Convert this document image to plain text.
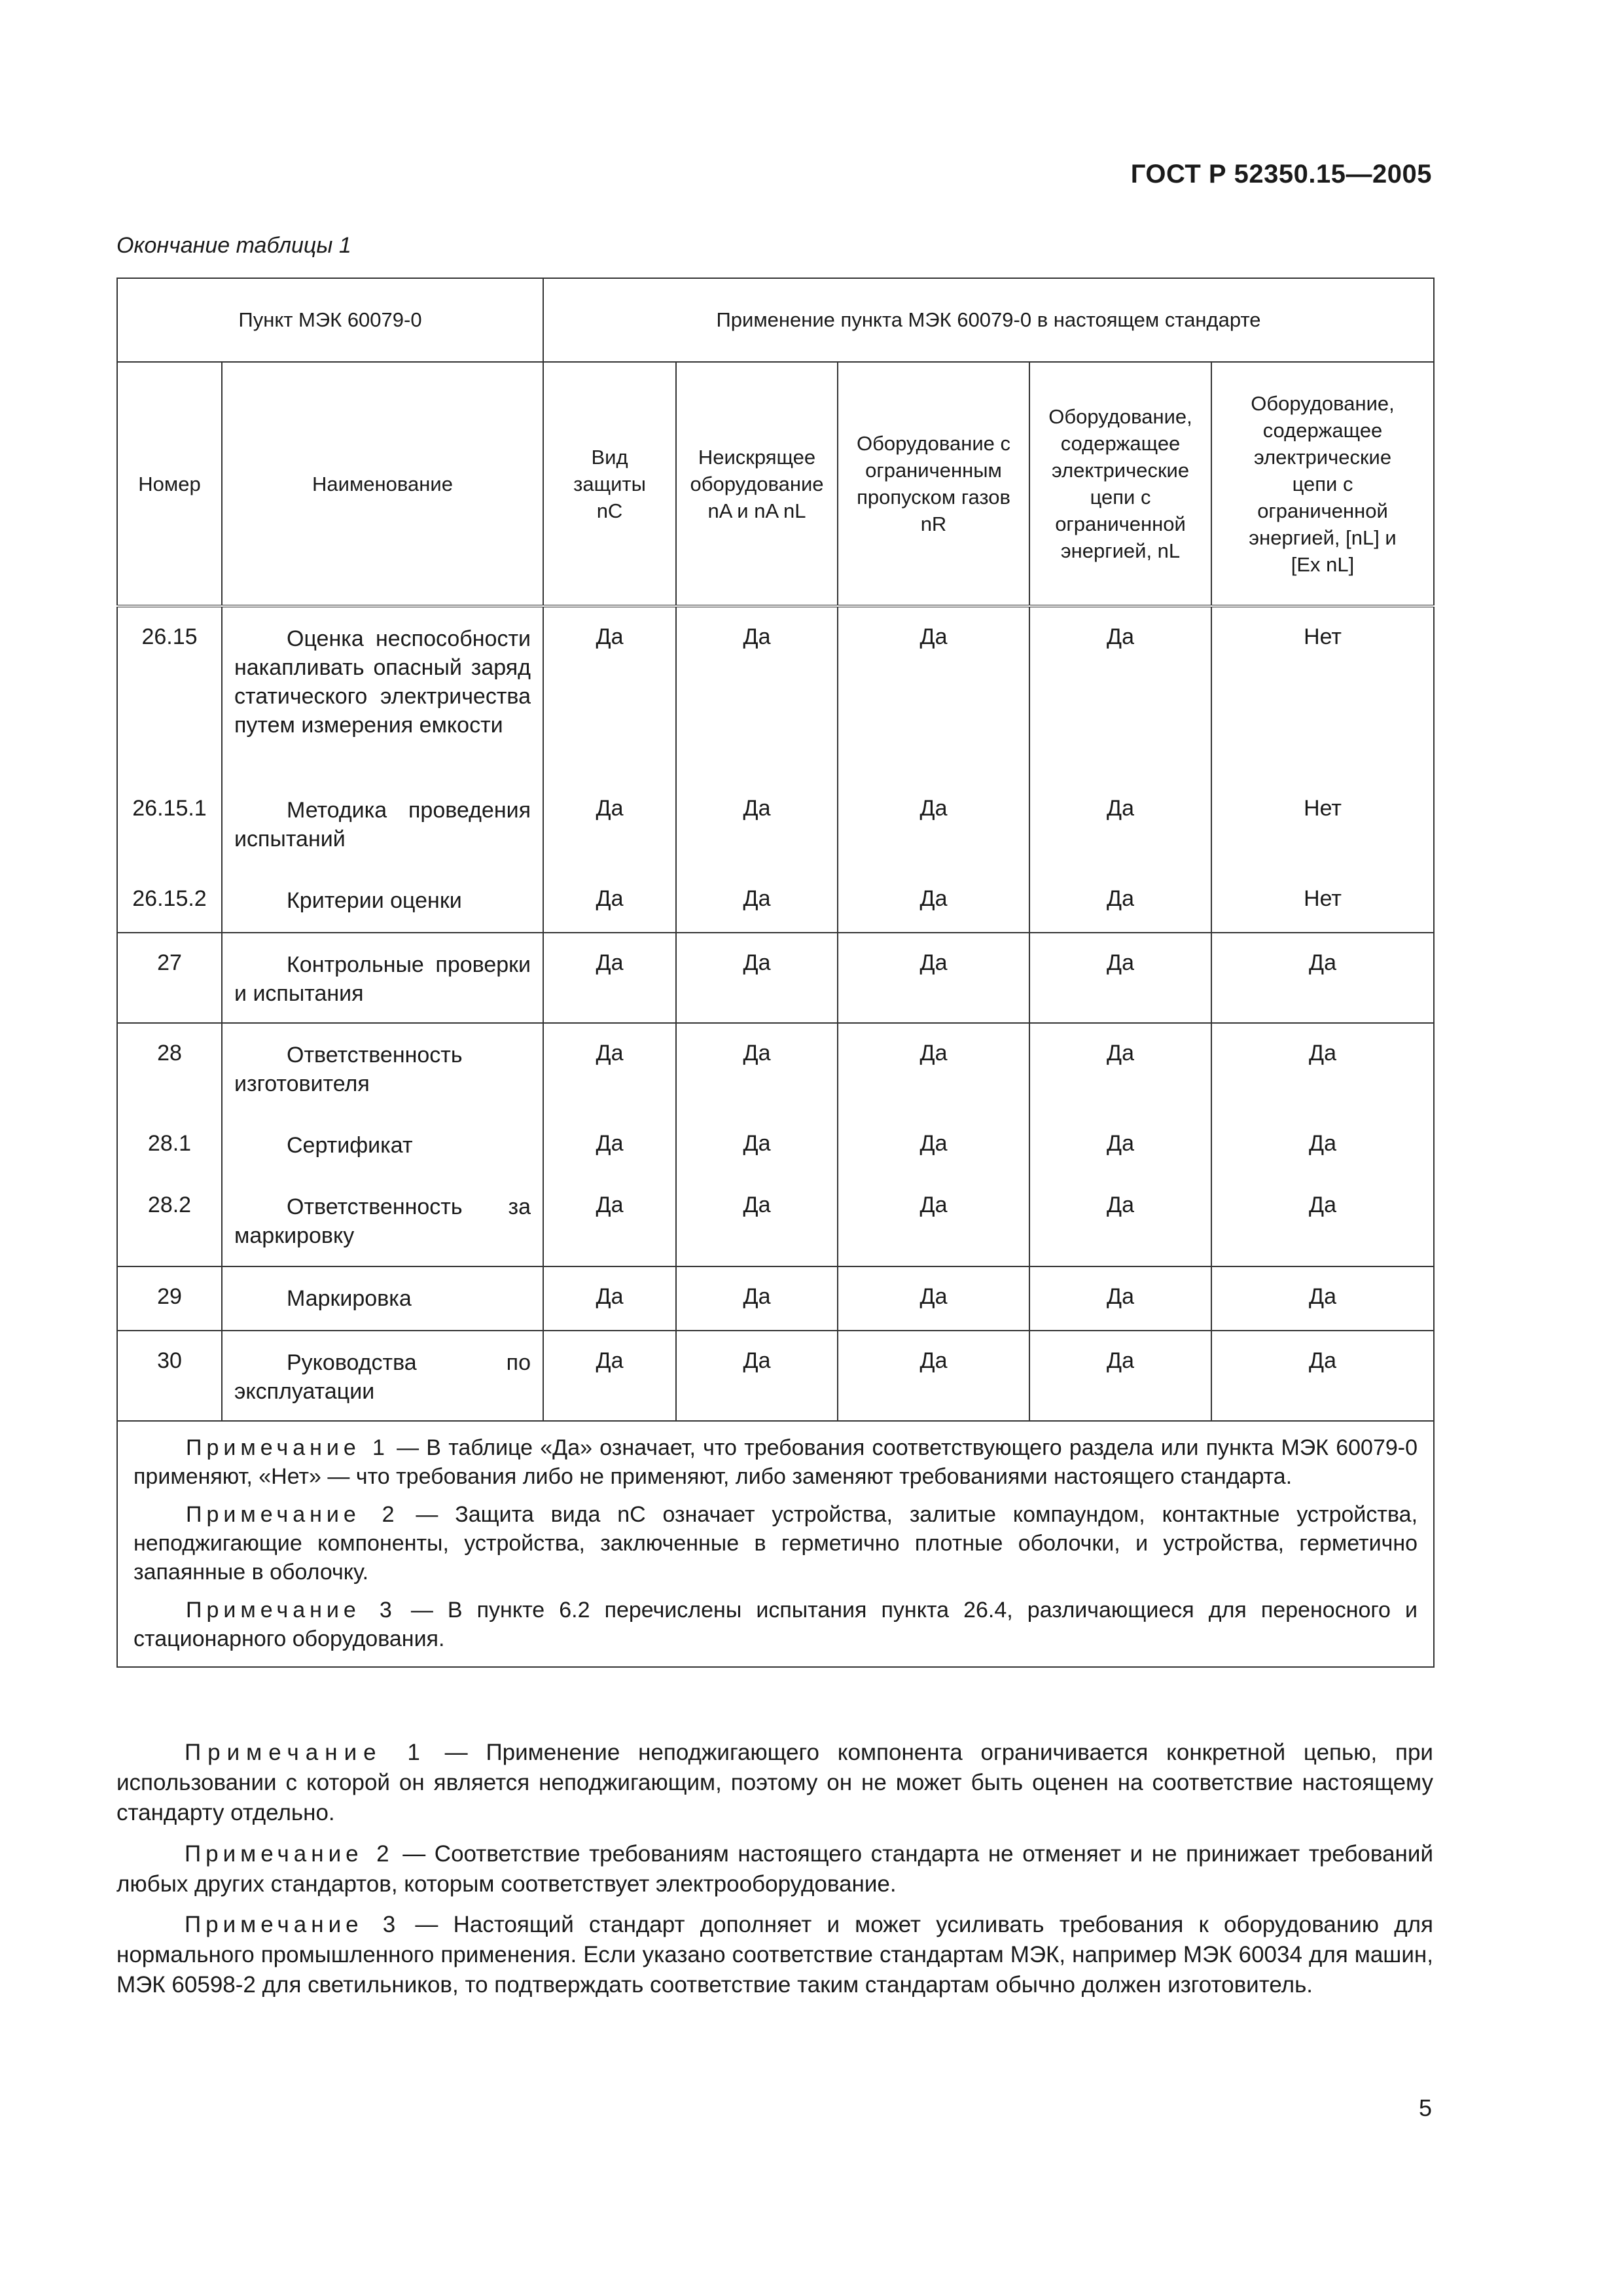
ГОСТ Р 52350.15—2005
Окончание таблицы 1
Пункт МЭК 60079-0		Применение пункта МЭК 60079-0 в настоящем стандарте				
Номер	Наименование	Вид защиты nC	Неискрящее оборудование nA и nA nL	Оборудование с ограниченным пропуском газов nR	Оборудование, содержащее электрические цепи с ограниченной энергией, nL	Оборудование, содержащее электрические цепи с ограниченной энергией, [nL] и [Ex nL]

26.15	Оценка неспособности накапливать опасный заряд статического электричества путем измерения емкости	Да	Да	Да	Да	Нет

26.15.1	Методика проведения испытаний	Да	Да	Да	Да	Нет

26.15.2	Критерии оценки	Да	Да	Да	Да	Нет

27	Контрольные проверки и испытания	Да	Да	Да	Да	Да

28	Ответственность изготовителя	Да	Да	Да	Да	Да

28.1	Сертификат	Да	Да	Да	Да	Да

28.2	Ответственность за маркировку	Да	Да	Да	Да	Да

29	Маркировка	Да	Да	Да	Да	Да

30	Руководства по эксплуатации	Да	Да	Да	Да	Да

Примечание 1 — В таблице «Да» означает, что требования соответствующего раздела или пункта МЭК 60079-0 применяют, «Нет» — что требования либо не применяют, либо заменяют требованиями настоящего стандарта.

Примечание 2 — Защита вида nC означает устройства, залитые компаундом, контактные устройства, неподжигающие компоненты, устройства, заключенные в герметично плотные оболочки, и устройства, герметично запаянные в оболочку.

Примечание 3 — В пункте 6.2 перечислены испытания пункта 26.4, различающиеся для переносного и стационарного оборудования.						

Примечание 1 — Применение неподжигающего компонента ограничивается конкретной цепью, при использовании с которой он является неподжигающим, поэтому он не может быть оценен на соответствие настоящему стандарту отдельно.

Примечание 2 — Соответствие требованиям настоящего стандарта не отменяет и не принижает требований любых других стандартов, которым соответствует электрооборудование.

Примечание 3 — Настоящий стандарт дополняет и может усиливать требования к оборудованию для нормального промышленного применения. Если указано соответствие стандартам МЭК, например МЭК 60034 для машин, МЭК 60598-2 для светильников, то подтверждать соответствие таким стандартам обычно должен изготовитель.

5
